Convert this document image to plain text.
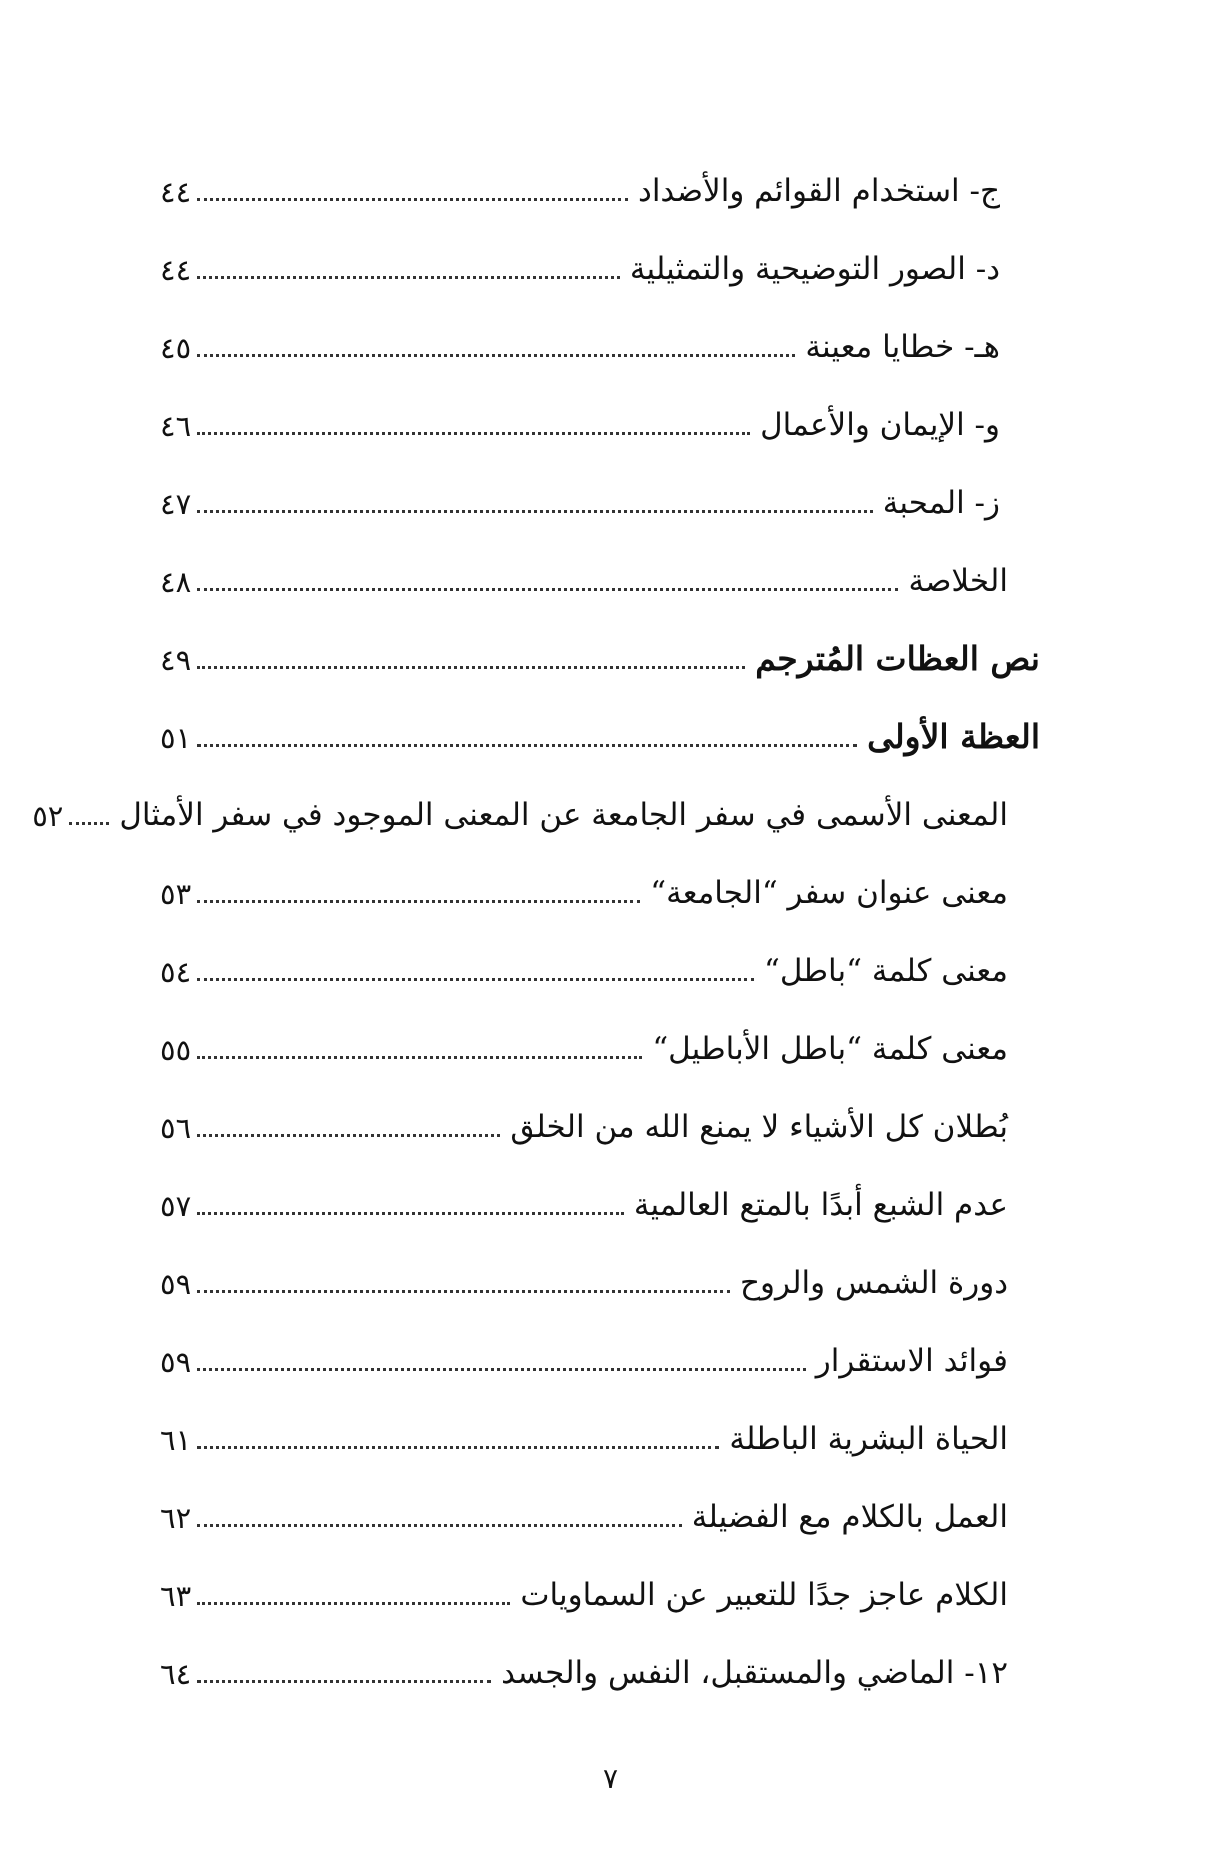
ج- استخدام القوائم والأضداد
٤٤
د- الصور التوضيحية والتمثيلية
٤٤
هـ- خطايا معينة
٤٥
و- الإيمان والأعمال
٤٦
ز- المحبة
٤٧
الخلاصة
٤٨
نص العظات المُترجم
٤٩
العظة الأولى
٥١
المعنى الأسمى في سفر الجامعة عن المعنى الموجود في سفر الأمثال
٥٢
معنى عنوان سفر “الجامعة“
٥٣
معنى كلمة “باطل“
٥٤
معنى كلمة “باطل الأباطيل“
٥٥
بُطلان كل الأشياء لا يمنع الله من الخلق
٥٦
عدم الشبع أبدًا بالمتع العالمية
٥٧
دورة الشمس والروح
٥٩
فوائد الاستقرار
٥٩
الحياة البشرية الباطلة
٦١
العمل بالكلام مع الفضيلة
٦٢
الكلام عاجز جدًا للتعبير عن السماويات
٦٣
١٢- الماضي والمستقبل، النفس والجسد
٦٤
٧
